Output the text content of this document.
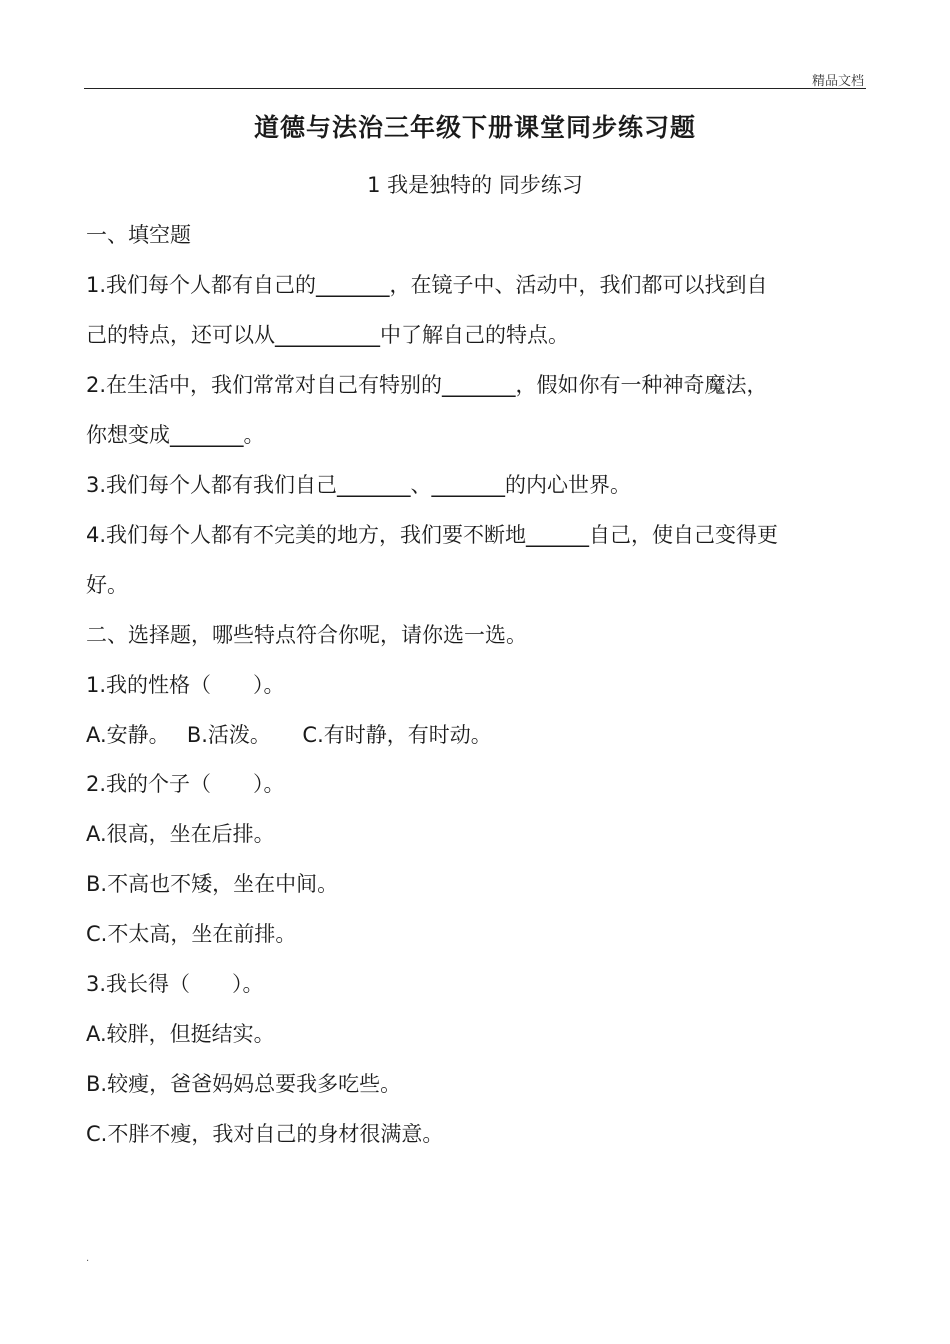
精品文档
道德与法治三年级下册课堂同步练习题
1 我是独特的 同步练习
一、填空题
1.我们每个人都有自己的_______，在镜子中、活动中，我们都可以找到自
己的特点，还可以从__________中了解自己的特点。
2.在生活中，我们常常对自己有特别的_______，假如你有一种神奇魔法，
你想变成_______。
3.我们每个人都有我们自己_______、_______的内心世界。
4.我们每个人都有不完美的地方，我们要不断地______自己，使自己变得更
好。
二、选择题，哪些特点符合你呢，请你选一选。
1.我的性格（　　）。
A.安静。　 B.活泼。　　C.有时静，有时动。
2.我的个子（　　）。
A.很高，坐在后排。
B.不高也不矮，坐在中间。
C.不太高，坐在前排。
3.我长得（　　）。
A.较胖，但挺结实。
B.较瘦，爸爸妈妈总要我多吃些。
C.不胖不瘦，我对自己的身材很满意。
.
